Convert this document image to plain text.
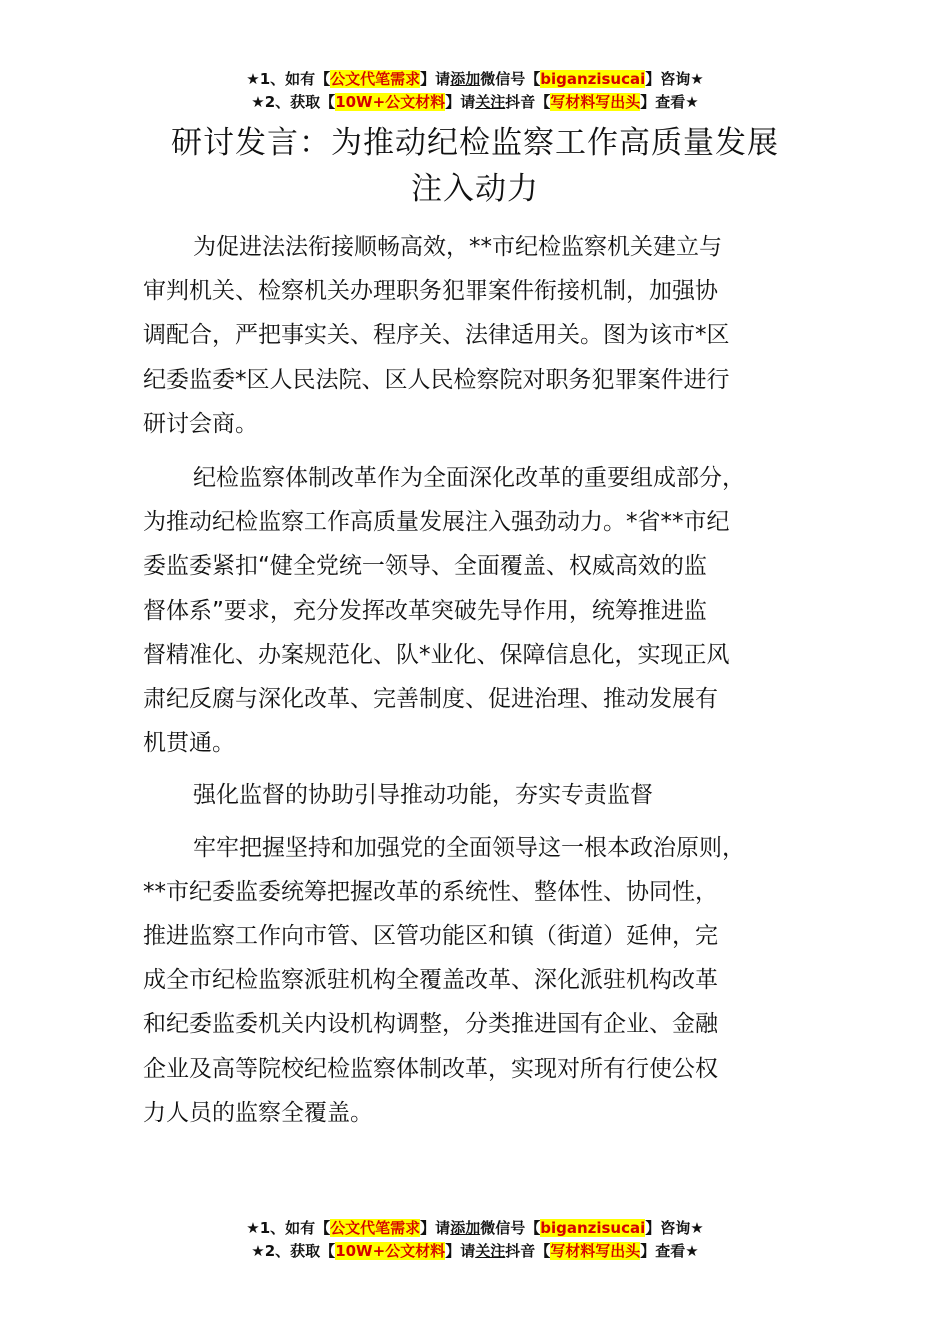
★1、如有【公文代笔需求】请添加微信号【biganzisucai】咨询★
★2、获取【10W+公文材料】请关注抖音【写材料写出头】查看★
研讨发言：为推动纪检监察工作高质量发展
注入动力
为促进法法衔接顺畅高效，**市纪检监察机关建立与
审判机关、检察机关办理职务犯罪案件衔接机制，加强协
调配合，严把事实关、程序关、法律适用关。图为该市*区
纪委监委*区人民法院、区人民检察院对职务犯罪案件进行
研讨会商。
纪检监察体制改革作为全面深化改革的重要组成部分，
为推动纪检监察工作高质量发展注入强劲动力。*省**市纪
委监委紧扣“健全党统一领导、全面覆盖、权威高效的监
督体系”要求，充分发挥改革突破先导作用，统筹推进监
督精准化、办案规范化、队*业化、保障信息化，实现正风
肃纪反腐与深化改革、完善制度、促进治理、推动发展有
机贯通。
强化监督的协助引导推动功能，夯实专责监督
牢牢把握坚持和加强党的全面领导这一根本政治原则，
**市纪委监委统筹把握改革的系统性、整体性、协同性，
推进监察工作向市管、区管功能区和镇（街道）延伸，完
成全市纪检监察派驻机构全覆盖改革、深化派驻机构改革
和纪委监委机关内设机构调整，分类推进国有企业、金融
企业及高等院校纪检监察体制改革，实现对所有行使公权
力人员的监察全覆盖。
★1、如有【公文代笔需求】请添加微信号【biganzisucai】咨询★
★2、获取【10W+公文材料】请关注抖音【写材料写出头】查看★
